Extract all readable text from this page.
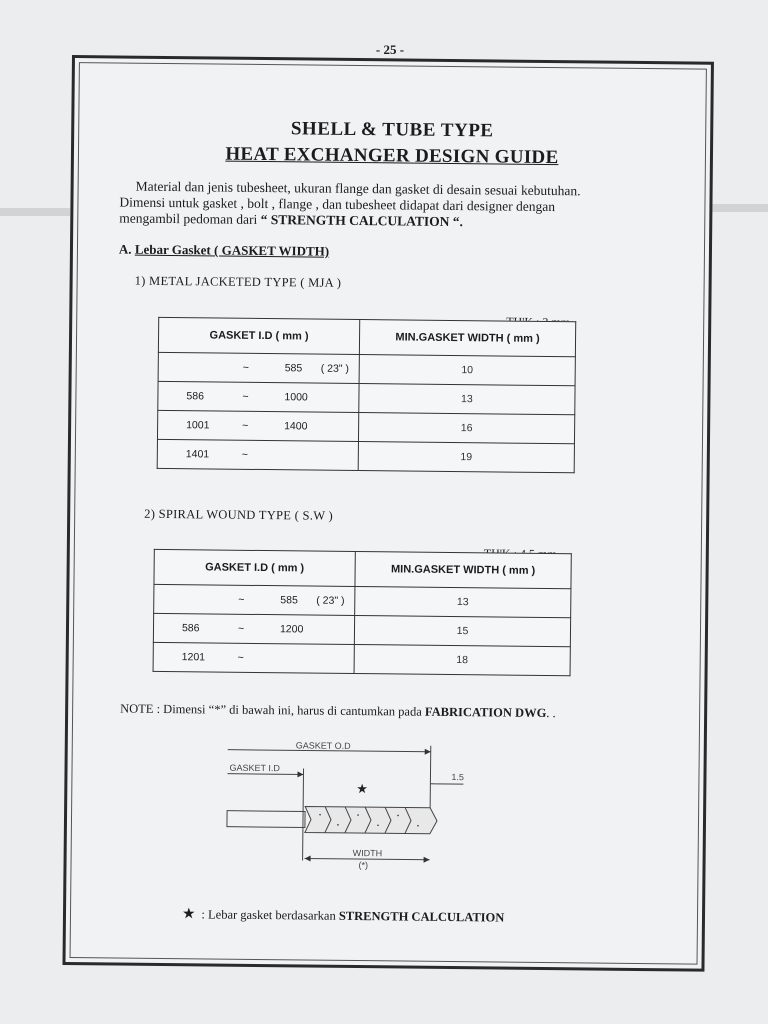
- 25 -
SHELL & TUBE TYPE
HEAT EXCHANGER DESIGN GUIDE
Material dan jenis tubesheet, ukuran flange dan gasket di desain sesuai kebutuhan.
Dimensi untuk gasket , bolt , flange , dan tubesheet didapat dari designer dengan
mengambil pedoman dari “ STRENGTH CALCULATION “.
A. Lebar Gasket ( GASKET WIDTH)
1) METAL JACKETED TYPE ( MJA )
GASKET I.D ( mm )	MIN.GASKET WIDTH ( mm )

~ 585 ( 23" )	10

586 ~ 1000	13

1001 ~ 1400	16

1401 ~	19
2) SPIRAL WOUND TYPE ( S.W )
GASKET I.D ( mm )	MIN.GASKET WIDTH ( mm )

~ 585 ( 23" )	13

586 ~ 1200	15

1201 ~	18
NOTE : Dimensi “*” di bawah ini, harus di cantumkan pada FABRICATION DWG. .
GASKET O.D
GASKET I.D
1.5
WIDTH
(*)
★
★ : Lebar gasket berdasarkan STRENGTH CALCULATION
